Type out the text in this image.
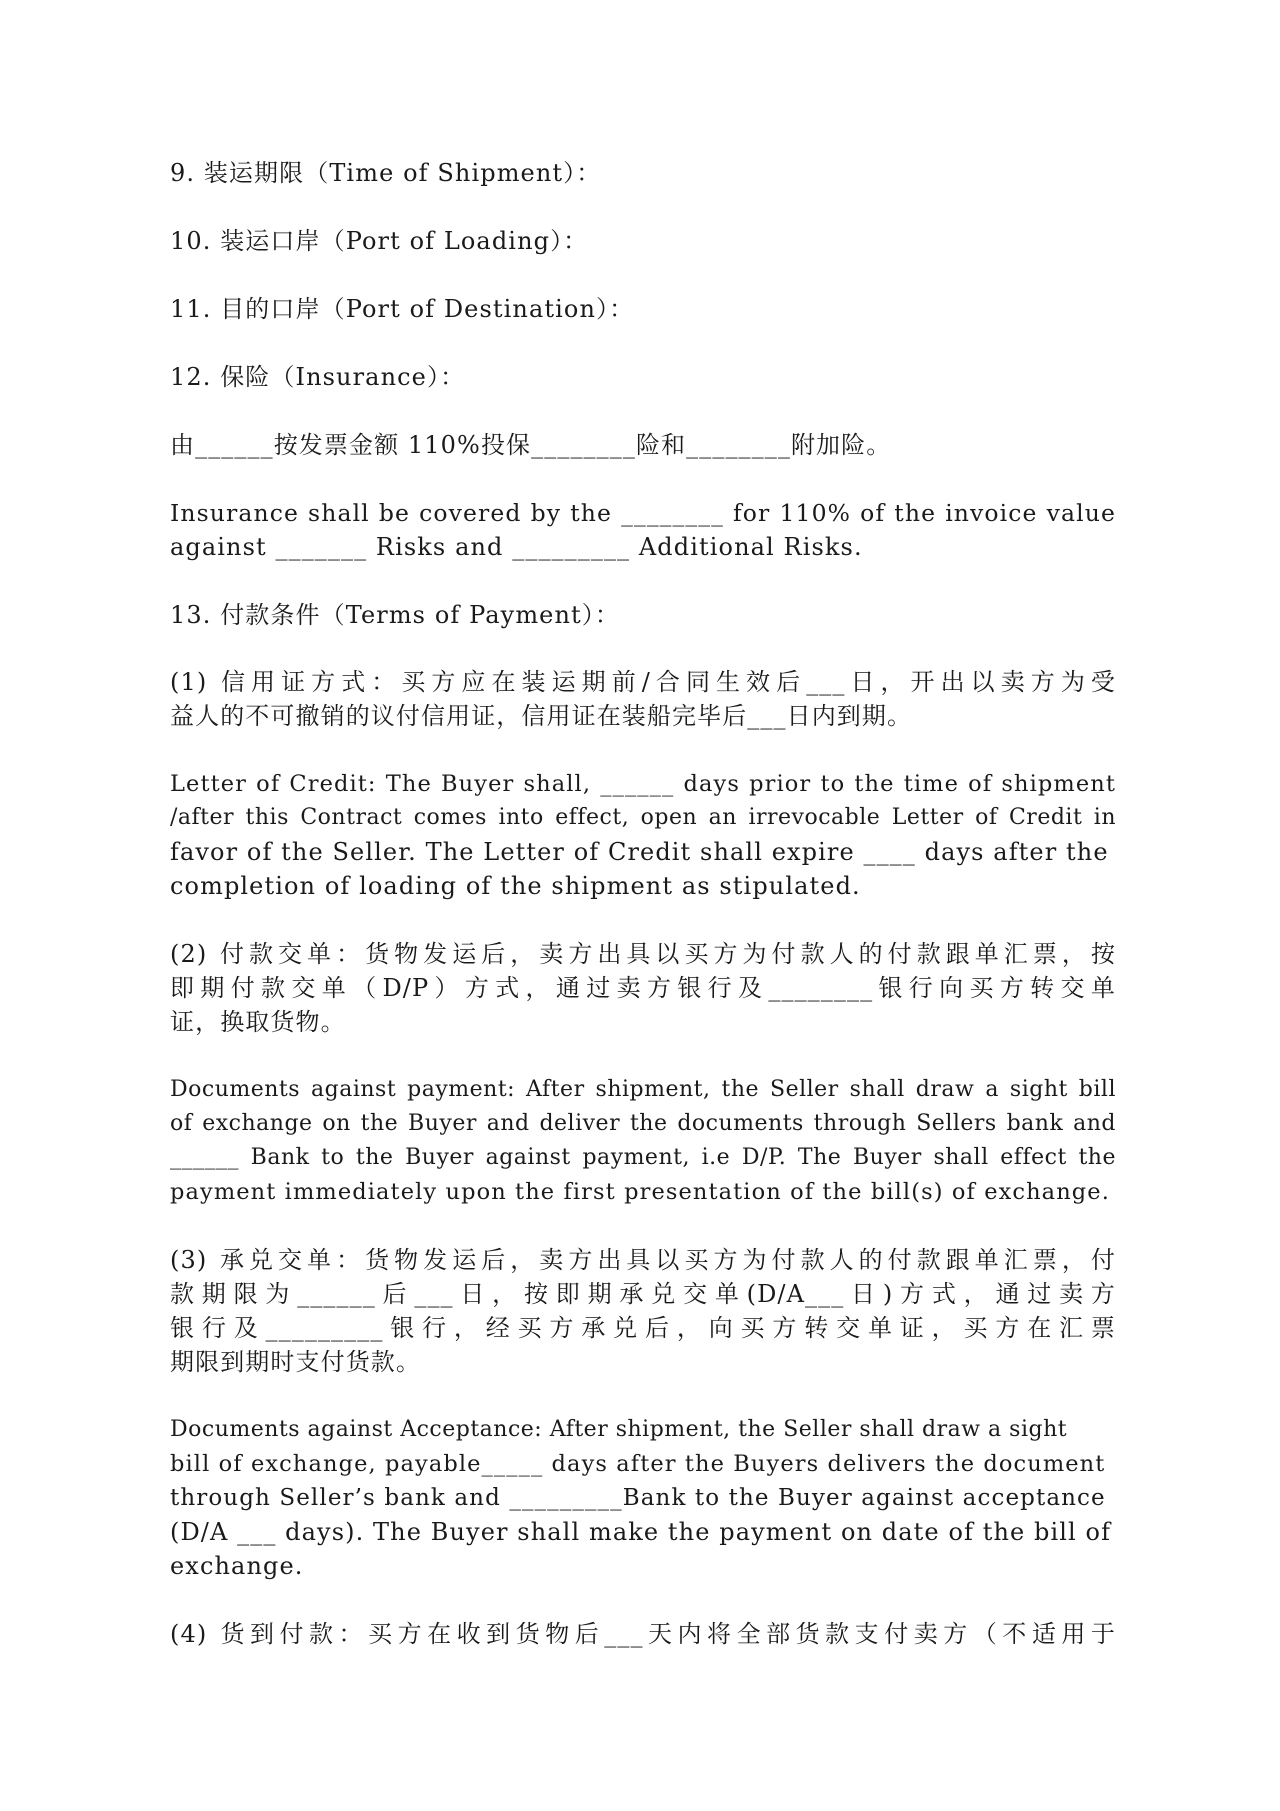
9. 装运期限（Time of Shipment）：
10. 装运口岸（Port of Loading）：
11. 目的口岸（Port of Destination）：
12. 保险（Insurance）：
由______按发票金额 110%投保________险和________附加险。
Insurance shall be covered by the ________ for 110% of the invoice value
against _______ Risks and _________ Additional Risks.
13. 付款条件（Terms of Payment）：
(1) 信用证方式：买方应在装运期前/合同生效后___日，开出以卖方为受
益人的不可撤销的议付信用证，信用证在装船完毕后___日内到期。
Letter of Credit: The Buyer shall, ______ days prior to the time of shipment
/after this Contract comes into effect, open an irrevocable Letter of Credit in
favor of the Seller. The Letter of Credit shall expire ____ days after the
completion of loading of the shipment as stipulated.
(2) 付款交单：货物发运后，卖方出具以买方为付款人的付款跟单汇票，按
即期付款交单（D/P）方式，通过卖方银行及________银行向买方转交单
证，换取货物。
Documents against payment: After shipment, the Seller shall draw a sight bill
of exchange on the Buyer and deliver the documents through Sellers bank and
______ Bank to the Buyer against payment, i.e D/P. The Buyer shall effect the
payment immediately upon the first presentation of the bill(s) of exchange.
(3) 承兑交单：货物发运后，卖方出具以买方为付款人的付款跟单汇票，付
款期限为______后___日，按即期承兑交单(D/A___日)方式，通过卖方
银行及_________银行，经买方承兑后，向买方转交单证，买方在汇票
期限到期时支付货款。
Documents against Acceptance: After shipment, the Seller shall draw a sight
bill of exchange, payable_____ days after the Buyers delivers the document
through Seller’s bank and _________Bank to the Buyer against acceptance
(D/A ___ days). The Buyer shall make the payment on date of the bill of
exchange.
(4) 货到付款：买方在收到货物后___天内将全部货款支付卖方（不适用于
